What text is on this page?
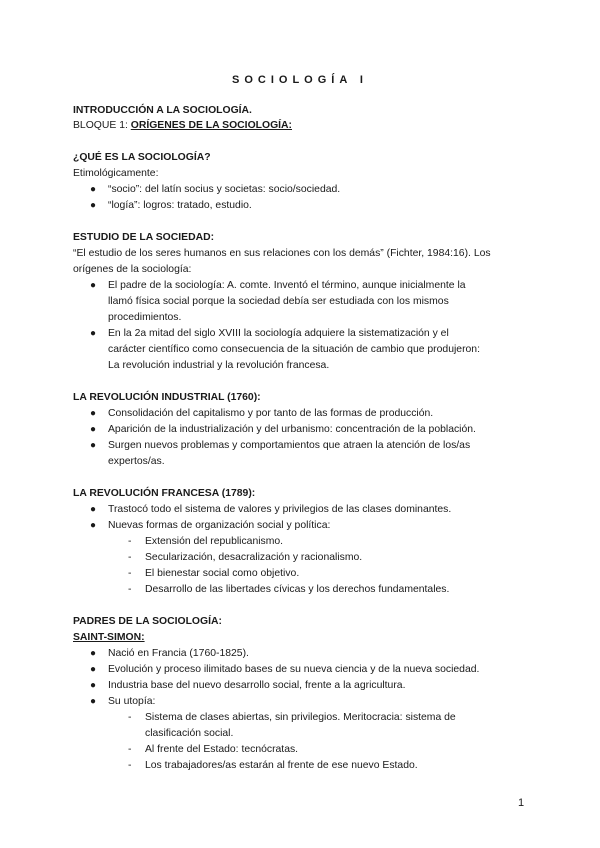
SOCIOLOGÍA I
INTRODUCCIÓN A LA SOCIOLOGÍA.
BLOQUE 1: ORÍGENES DE LA SOCIOLOGÍA:
¿QUÉ ES LA SOCIOLOGÍA?
Etimológicamente:
● “socio”: del latín socius y societas: socio/sociedad.
● “logía”: logros: tratado, estudio.
ESTUDIO DE LA SOCIEDAD:
“El estudio de los seres humanos en sus relaciones con los demás” (Fichter, 1984:16). Los
orígenes de la sociología:
● El padre de la sociología: A. comte. Inventó el término, aunque inicialmente la
llamó física social porque la sociedad debía ser estudiada con los mismos
procedimientos.
● En la 2a mitad del siglo XVIII la sociología adquiere la sistematización y el
carácter científico como consecuencia de la situación de cambio que produjeron:
La revolución industrial y la revolución francesa.
LA REVOLUCIÓN INDUSTRIAL (1760):
● Consolidación del capitalismo y por tanto de las formas de producción.
● Aparición de la industrialización y del urbanismo: concentración de la población.
● Surgen nuevos problemas y comportamientos que atraen la atención de los/as
expertos/as.
LA REVOLUCIÓN FRANCESA (1789):
● Trastocó todo el sistema de valores y privilegios de las clases dominantes.
● Nuevas formas de organización social y política:
- Extensión del republicanismo.
- Secularización, desacralización y racionalismo.
- El bienestar social como objetivo.
- Desarrollo de las libertades cívicas y los derechos fundamentales.
PADRES DE LA SOCIOLOGÍA:
SAINT-SIMON:
● Nació en Francia (1760-1825).
● Evolución y proceso ilimitado bases de su nueva ciencia y de la nueva sociedad.
● Industria base del nuevo desarrollo social, frente a la agricultura.
● Su utopía:
- Sistema de clases abiertas, sin privilegios. Meritocracia: sistema de
clasificación social.
- Al frente del Estado: tecnócratas.
- Los trabajadores/as estarán al frente de ese nuevo Estado.
1
